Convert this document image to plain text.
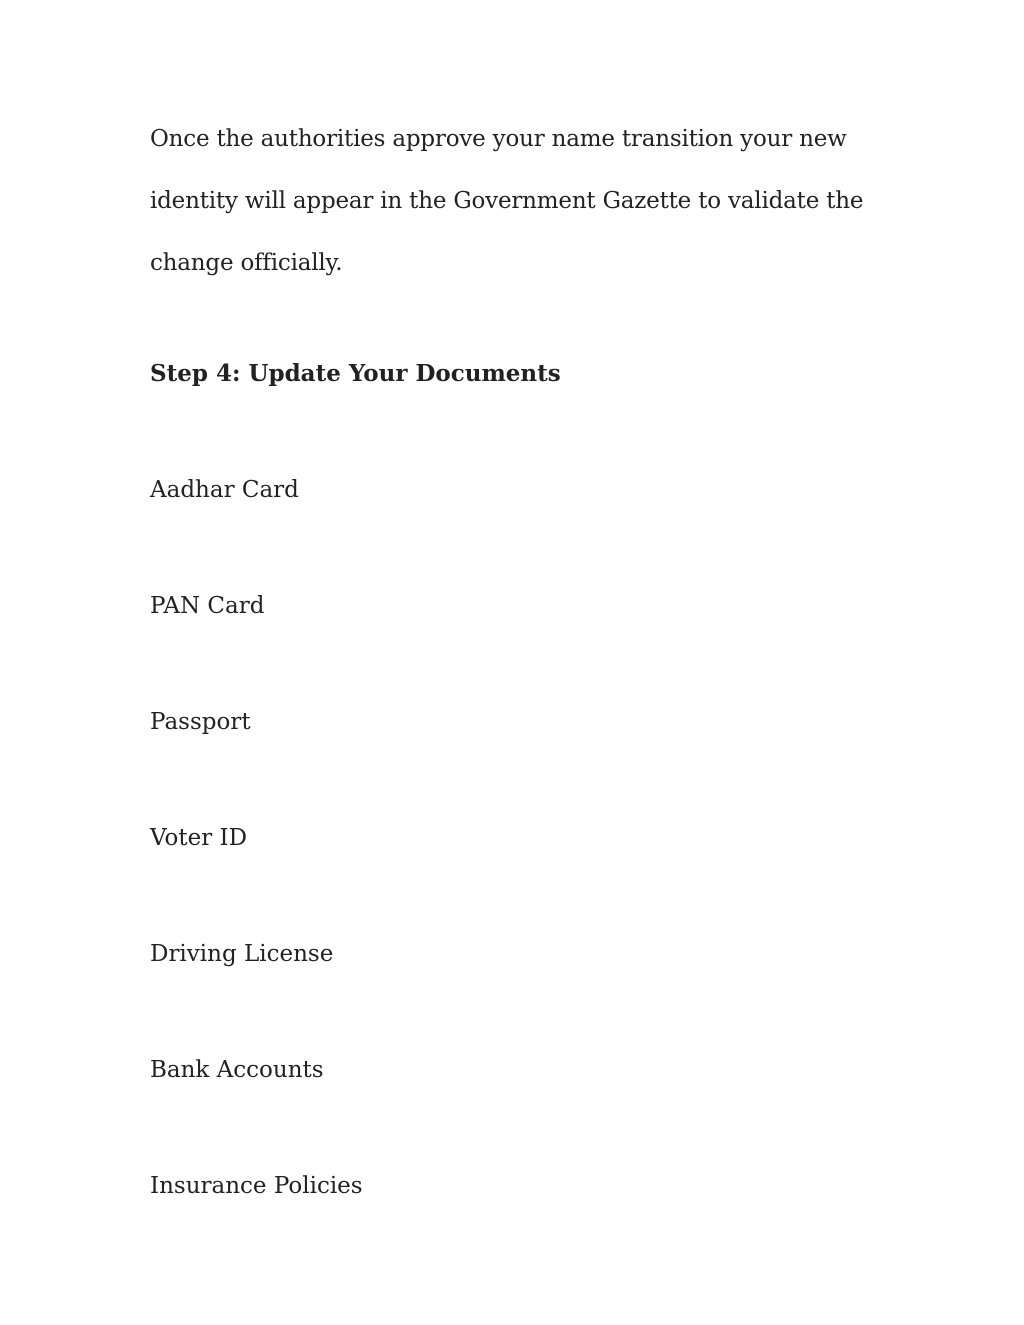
Once the authorities approve your name transition your new
identity will appear in the Government Gazette to validate the
change officially.

Step 4: Update Your Documents
Aadhar Card
PAN Card
Passport
Voter ID
Driving License
Bank Accounts
Insurance Policies
